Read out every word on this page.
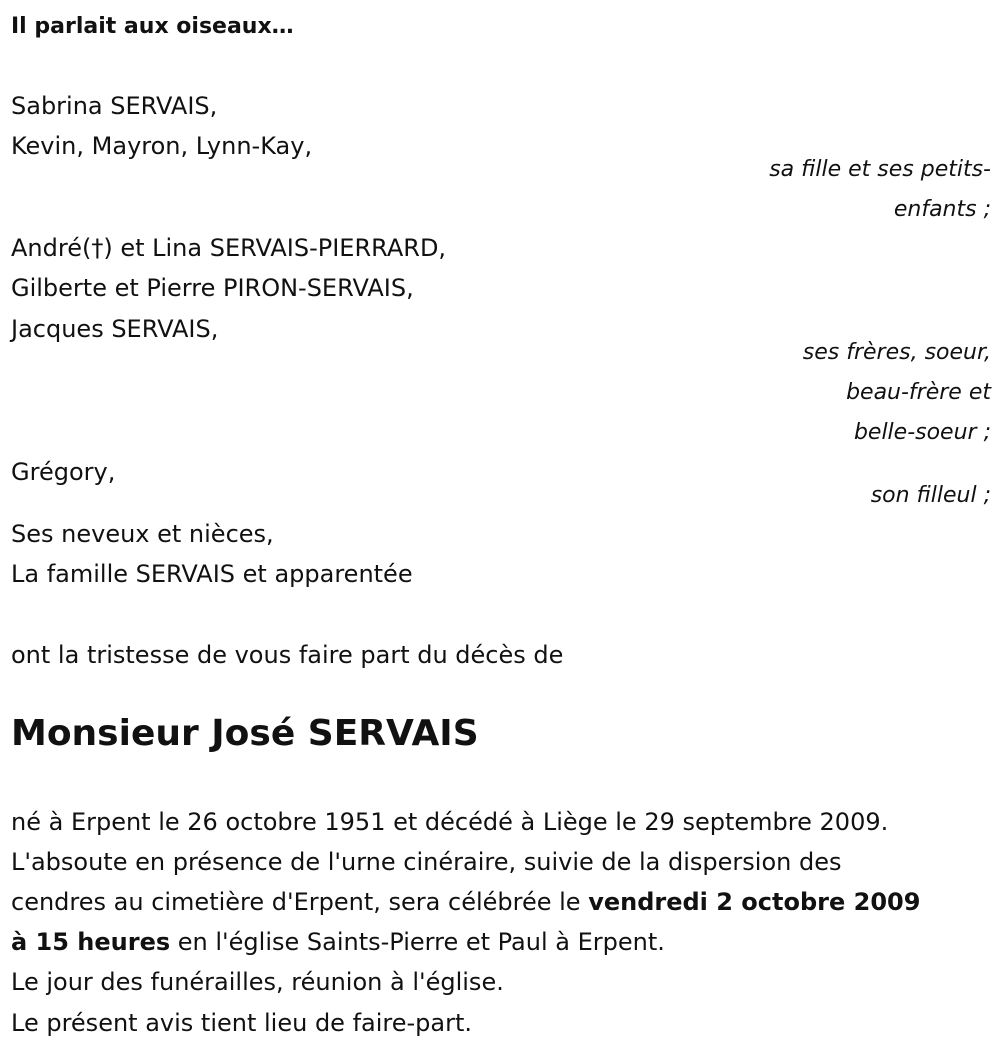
Il parlait aux oiseaux…
Sabrina SERVAIS,
Kevin, Mayron, Lynn-Kay,
sa fille et ses petits-
enfants ;
André(†) et Lina SERVAIS-PIERRARD,
Gilberte et Pierre PIRON-SERVAIS,
Jacques SERVAIS,
ses frères, soeur,
beau-frère et
belle-soeur ;
Grégory,
son filleul ;
Ses neveux et nièces,
La famille SERVAIS et apparentée
ont la tristesse de vous faire part du décès de
Monsieur José SERVAIS
né à Erpent le 26 octobre 1951 et décédé à Liège le 29 septembre 2009.
L'absoute en présence de l'urne cinéraire, suivie de la dispersion des
cendres au cimetière d'Erpent, sera célébrée le vendredi 2 octobre 2009
à 15 heures en l'église Saints-Pierre et Paul à Erpent.
Le jour des funérailles, réunion à l'église.
Le présent avis tient lieu de faire-part.
